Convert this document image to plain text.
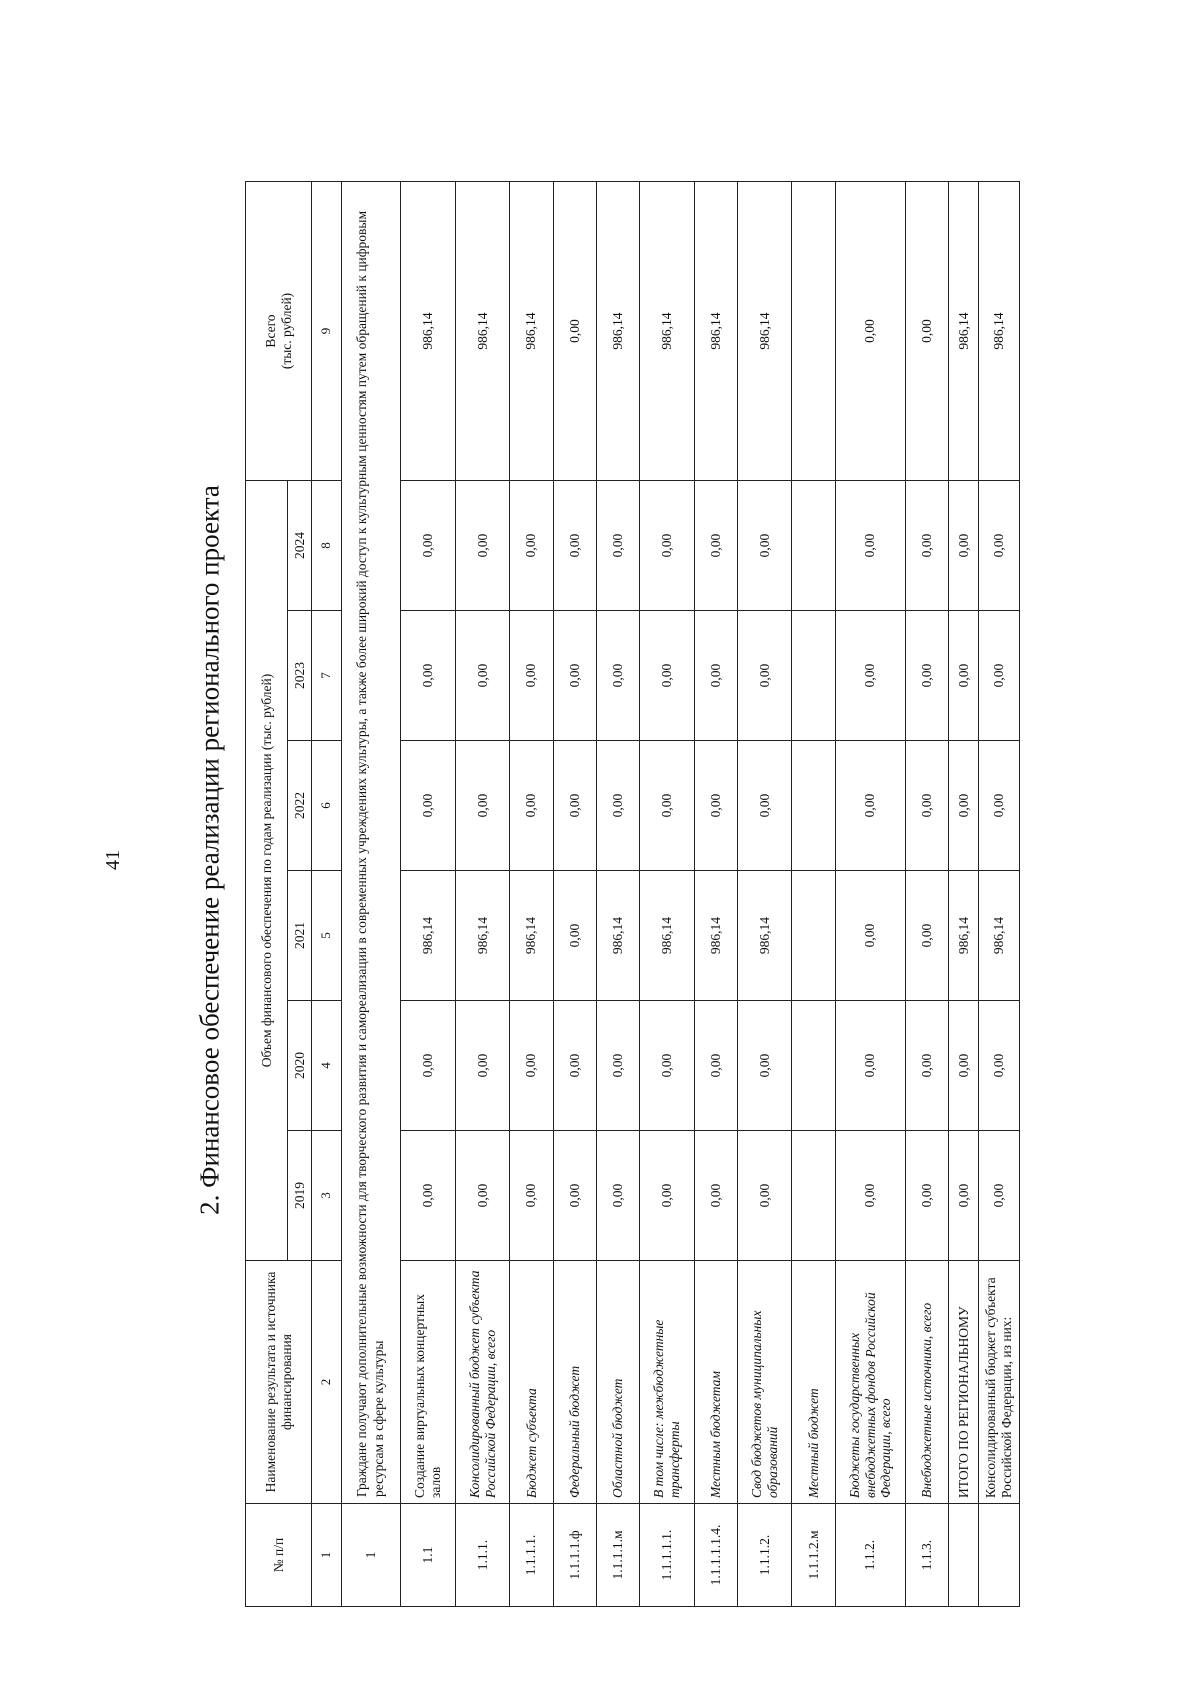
41	2. Финансовое обеспечение реализации регионального проекта
№ п/п	Наименование результата и источника финансирования	Объем финансового обеспечения по годам реализации (тыс. рублей)						Всего
(тыс. рублей)
		2019	2020	2021	2022	2023	2024	
1	2	3	4	5	6	7	8	9
1	Граждане получают дополнительные возможности для творческого развития и самореализации в современных учреждениях культуры, а также более широкий доступ к культурным ценностям путем обращений к цифровым ресурсам в сфере культуры							
1.1	Создание виртуальных концертных залов	0,00	0,00	986,14	0,00	0,00	0,00	986,14
1.1.1.	Консолидированный бюджет субъекта Российской Федерации, всего	0,00	0,00	986,14	0,00	0,00	0,00	986,14
1.1.1.1.	Бюджет субъекта	0,00	0,00	986,14	0,00	0,00	0,00	986,14
1.1.1.1.ф	Федеральный бюджет	0,00	0,00	0,00	0,00	0,00	0,00	0,00
1.1.1.1.м	Областной бюджет	0,00	0,00	986,14	0,00	0,00	0,00	986,14
1.1.1.1.1.	В том числе: межбюджетные трансферты	0,00	0,00	986,14	0,00	0,00	0,00	986,14
1.1.1.1.1.4.	Местным бюджетам	0,00	0,00	986,14	0,00	0,00	0,00	986,14
1.1.1.2.	Свод бюджетов муниципальных образований	0,00	0,00	986,14	0,00	0,00	0,00	986,14
1.1.1.2.м	Местный бюджет							
1.1.2.	Бюджеты государственных внебюджетных фондов Российской Федерации, всего	0,00	0,00	0,00	0,00	0,00	0,00	0,00
1.1.3.	Внебюджетные источники, всего	0,00	0,00	0,00	0,00	0,00	0,00	0,00
	ИТОГО ПО РЕГИОНАЛЬНОМУ	0,00	0,00	986,14	0,00	0,00	0,00	986,14
	Консолидированный бюджет субъекта Российской Федерации, из них:	0,00	0,00	986,14	0,00	0,00	0,00	986,14
